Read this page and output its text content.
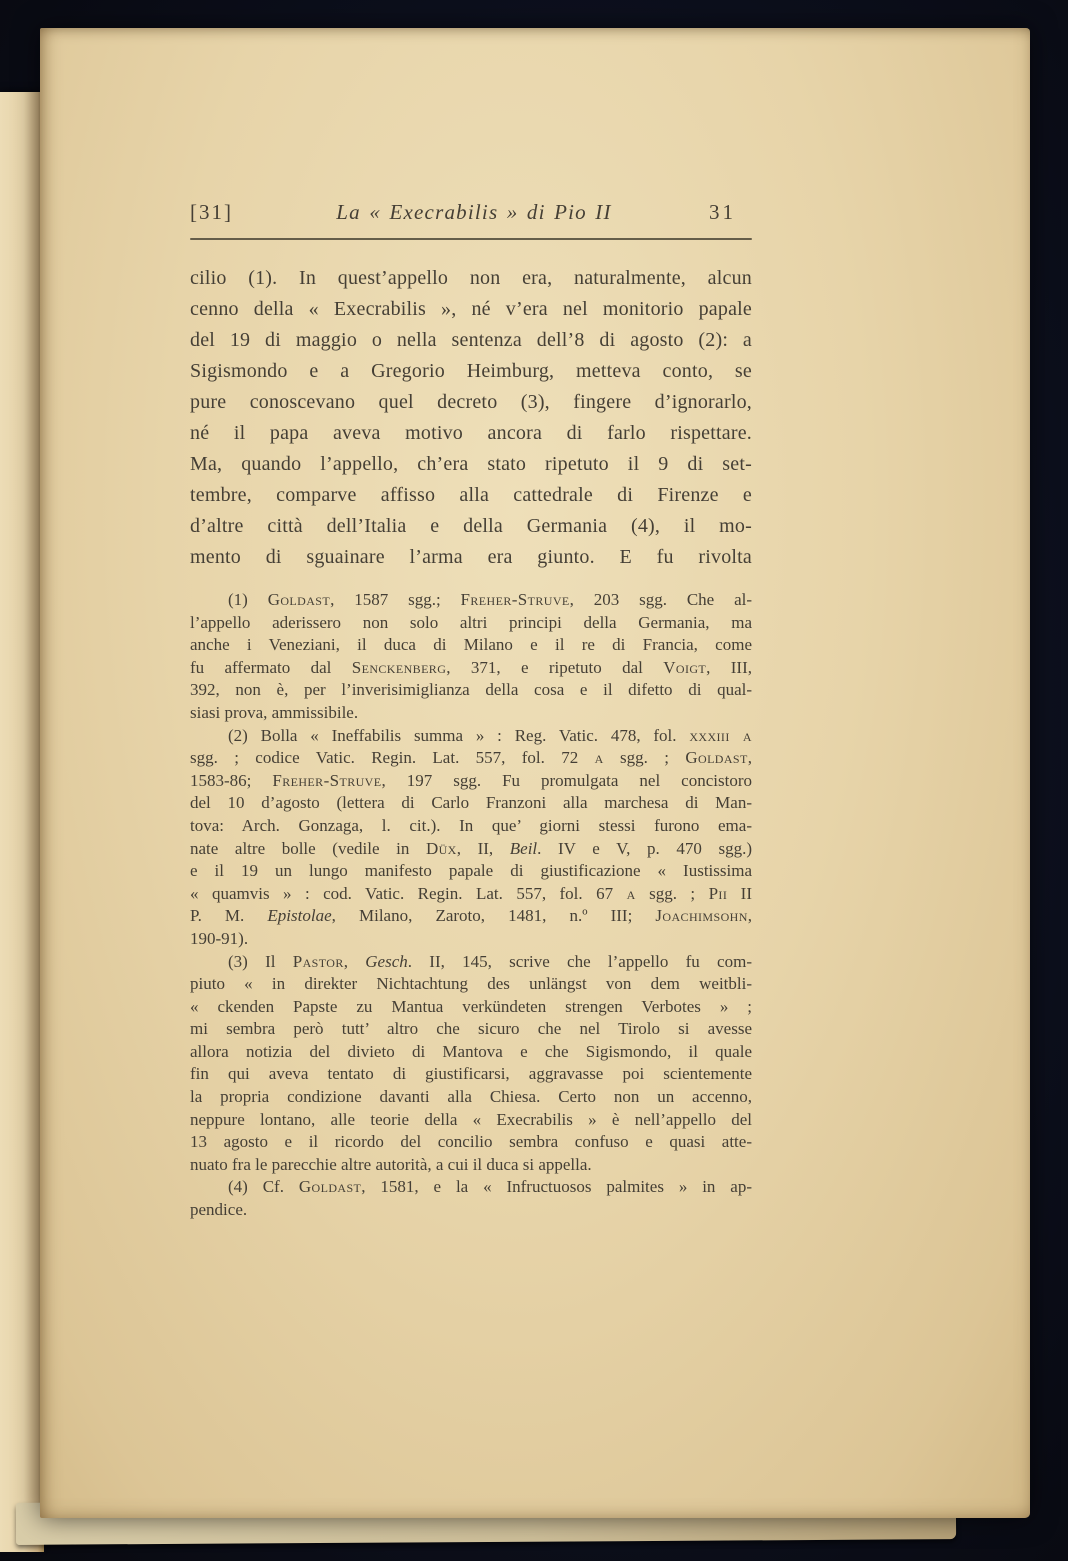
[31]	La « Execrabilis » di Pio II	31
cilio (1). In quest’appello non era, naturalmente, alcun
cenno della « Execrabilis », né v’era nel monitorio papale
del 19 di maggio o nella sentenza dell’8 di agosto (2): a
Sigismondo e a Gregorio Heimburg, metteva conto, se
pure conoscevano quel decreto (3), fingere d’ignorarlo,
né il papa aveva motivo ancora di farlo rispettare.
Ma, quando l’appello, ch’era stato ripetuto il 9 di set-
tembre, comparve affisso alla cattedrale di Firenze e
d’altre città dell’Italia e della Germania (4), il mo-
mento di sguainare l’arma era giunto. E fu rivolta
(1) Goldast, 1587 sgg.; Freher-Struve, 203 sgg. Che al-
l’appello aderissero non solo altri principi della Germania, ma
anche i Veneziani, il duca di Milano e il re di Francia, come
fu affermato dal Senckenberg, 371, e ripetuto dal Voigt, III,
392, non è, per l’inverisimiglianza della cosa e il difetto di qual-
siasi prova, ammissibile.
(2) Bolla « Ineffabilis summa » : Reg. Vatic. 478, fol. xxxiii a
sgg. ; codice Vatic. Regin. Lat. 557, fol. 72 a sgg. ; Goldast,
1583-86; Freher-Struve, 197 sgg. Fu promulgata nel concistoro
del 10 d’agosto (lettera di Carlo Franzoni alla marchesa di Man-
tova: Arch. Gonzaga, l. cit.). In que’ giorni stessi furono ema-
nate altre bolle (vedile in Düx, II, Beil. IV e V, p. 470 sgg.)
e il 19 un lungo manifesto papale di giustificazione « Iustissima
« quamvis » : cod. Vatic. Regin. Lat. 557, fol. 67 a sgg. ; Pii II
P. M. Epistolae, Milano, Zaroto, 1481, n.º III; Joachimsohn,
190-91).
(3) Il Pastor, Gesch. II, 145, scrive che l’appello fu com-
piuto « in direkter Nichtachtung des unlängst von dem weitbli-
« ckenden Papste zu Mantua verkündeten strengen Verbotes » ;
mi sembra però tutt’ altro che sicuro che nel Tirolo si avesse
allora notizia del divieto di Mantova e che Sigismondo, il quale
fin qui aveva tentato di giustificarsi, aggravasse poi scientemente
la propria condizione davanti alla Chiesa. Certo non un accenno,
neppure lontano, alle teorie della « Execrabilis » è nell’appello del
13 agosto e il ricordo del concilio sembra confuso e quasi atte-
nuato fra le parecchie altre autorità, a cui il duca si appella.
(4) Cf. Goldast, 1581, e la « Infructuosos palmites » in ap-
pendice.
